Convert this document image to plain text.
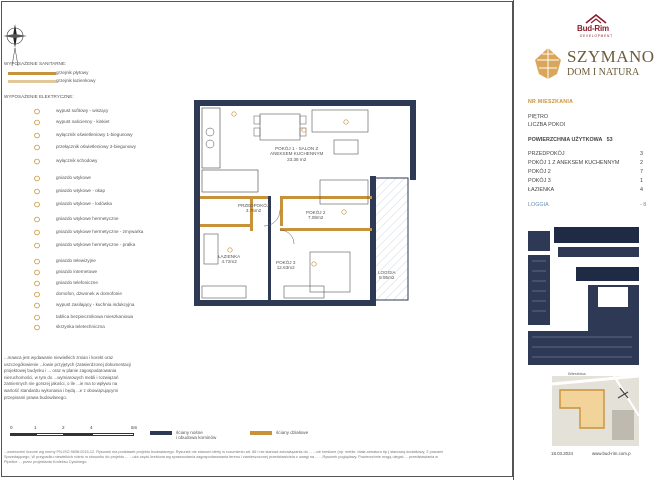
WYPOSAŻENIE SANITARNE:
grzejnik płytowy
grzejnik łazienkowy
WYPOSAŻENIE ELEKTRYCZNE:
wypust sufitowy - wiszący
wypust naścienny - kinkiet
wyłącznik oświetleniowy 1-biegunowy
przełącznik oświetleniowy 2-biegunowy
wyłącznik schodowy
gniazdo wtykowe
gniazdo wtykowe - okap
gniazdo wtykowe - lodówka
gniazdo wtykowe hermetyczne
gniazdo wtykowe hermetyczne - zmywarka
gniazdo wtykowe hermetyczne - pralka
gniazdo telewizyjne
gniazdo internetowe
gniazdo telefoniczne
domofon, dzwonek w domofonie
wypust zasilający - kuchnia indukcyjna
tablica bezpiecznikowa mieszkaniowa
skrzynka teletechniczna
...mawca jest wydawanie niewielkich zmian i korekt oraz uszczegółowienie ...łowie przyjętych (zatwierdzonej dokumentacji projektowej budynku i ... oraz w planie zagospodarowania nieruchomości, w tym do ...wymiarowych mebli i rozwiązań zamiennych nie gorszej jakości, o ile ...ie ma to wpływu na wartość standardu wykonania i będą ...e z obowiązującymi przepisami prawa budowlanego.
0	1	2	4	5m
ściany nośne
i obudowa kominów
ściany działowe
...owierzchni liczone wg normy PN-ISO 9836:2015-12. Rysunek ma podstawie projektu budowlanego. Rysunek nie stanowi oferty w rozumieniu art. 66 i nie stanowi zobowiązania do ... ...cie kreślone (np. meble, biała armatura itp.) stanowią dodatkowy, Z pracami Sprzedającego. W przypadku niewielkich różnic w stosunku do projektu ... ...uża część kreślona wg sprawozdania zagospodarowania terenu i zamieszczonej przedstawiciela z uwagi na ... ...Rysunek poglądowy. Powierzchnie mogą ulegać ... przedstawiania w Pipeline ... przez projektanta Kodeksu Cywilnego.
POKÓJ 1 - SALON Z
ANEKSEM KUCHENNYM
23.38 m2
PRZEDPOKÓJ
3.75m2	POKÓJ 2
7.08m2
ŁAZIENKA
4.72m2	POKÓJ 3
12.63m2
LOGGIA
8.95m2
Bud-Rim
DEVELOPMENT
SZYMANO
DOM I NATURA
NR MIESZKANIA
PIĘTRO
LICZBA POKOI
POWIERZCHNIA UŻYTKOWA 53
PRZEDPOKÓJ	3
POKÓJ 1 Z ANEKSEM KUCHENNYM	2
POKÓJ 2	7
POKÓJ 3	1
ŁAZIENKA	4
LOGGIA	- 8
Wierzbica
18.03.2024	www.bud-rim.com.p
